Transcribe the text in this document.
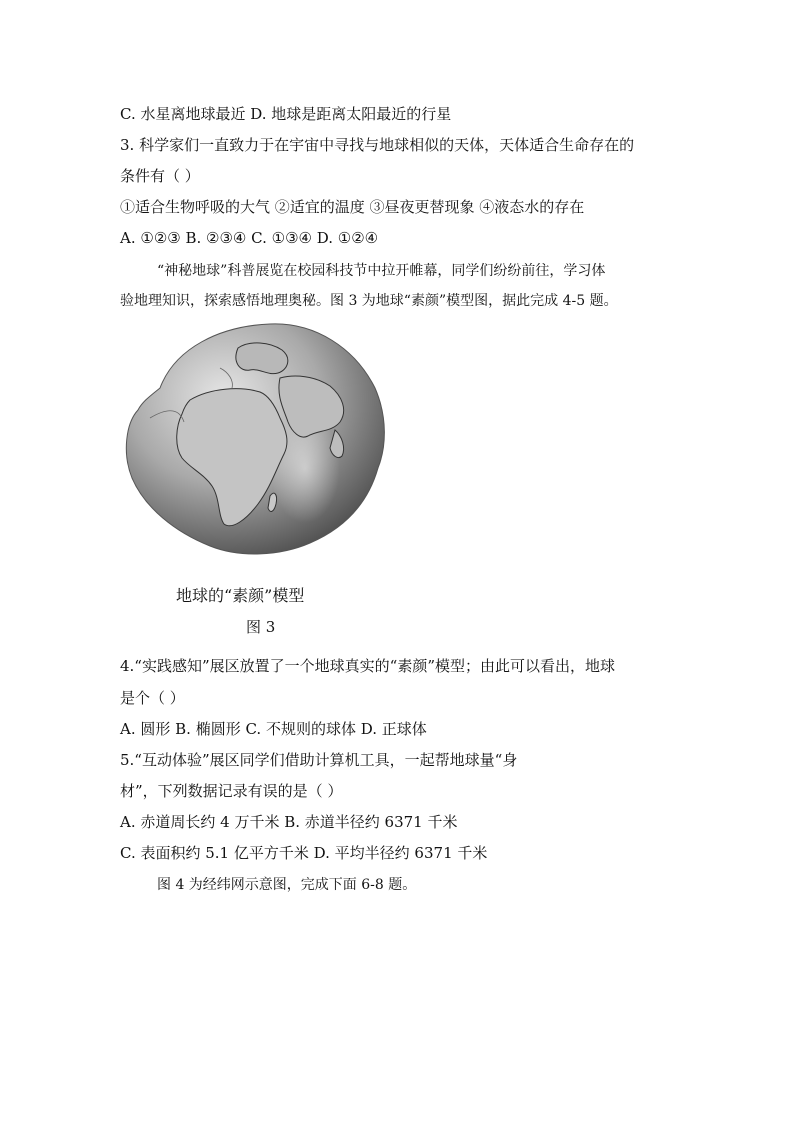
C. 水星离地球最近 D. 地球是距离太阳最近的行星
3. 科学家们一直致力于在宇宙中寻找与地球相似的天体，天体适合生命存在的
条件有（ ）
①适合生物呼吸的大气 ②适宜的温度 ③昼夜更替现象 ④液态水的存在
A. ①②③ B. ②③④ C. ①③④ D. ①②④
“神秘地球”科普展览在校园科技节中拉开帷幕，同学们纷纷前往，学习体
验地理知识，探索感悟地理奥秘。图 3 为地球“素颜”模型图，据此完成 4-5 题。
地球的“素颜”模型
图 3
4.“实践感知”展区放置了一个地球真实的“素颜”模型；由此可以看出，地球
是个（ ）
A. 圆形 B. 椭圆形 C. 不规则的球体 D. 正球体
5.“互动体验”展区同学们借助计算机工具，一起帮地球量“身
材”，下列数据记录有误的是（ ）
A. 赤道周长约 4 万千米 B. 赤道半径约 6371 千米
C. 表面积约 5.1 亿平方千米 D. 平均半径约 6371 千米
图 4 为经纬网示意图，完成下面 6-8 题。
